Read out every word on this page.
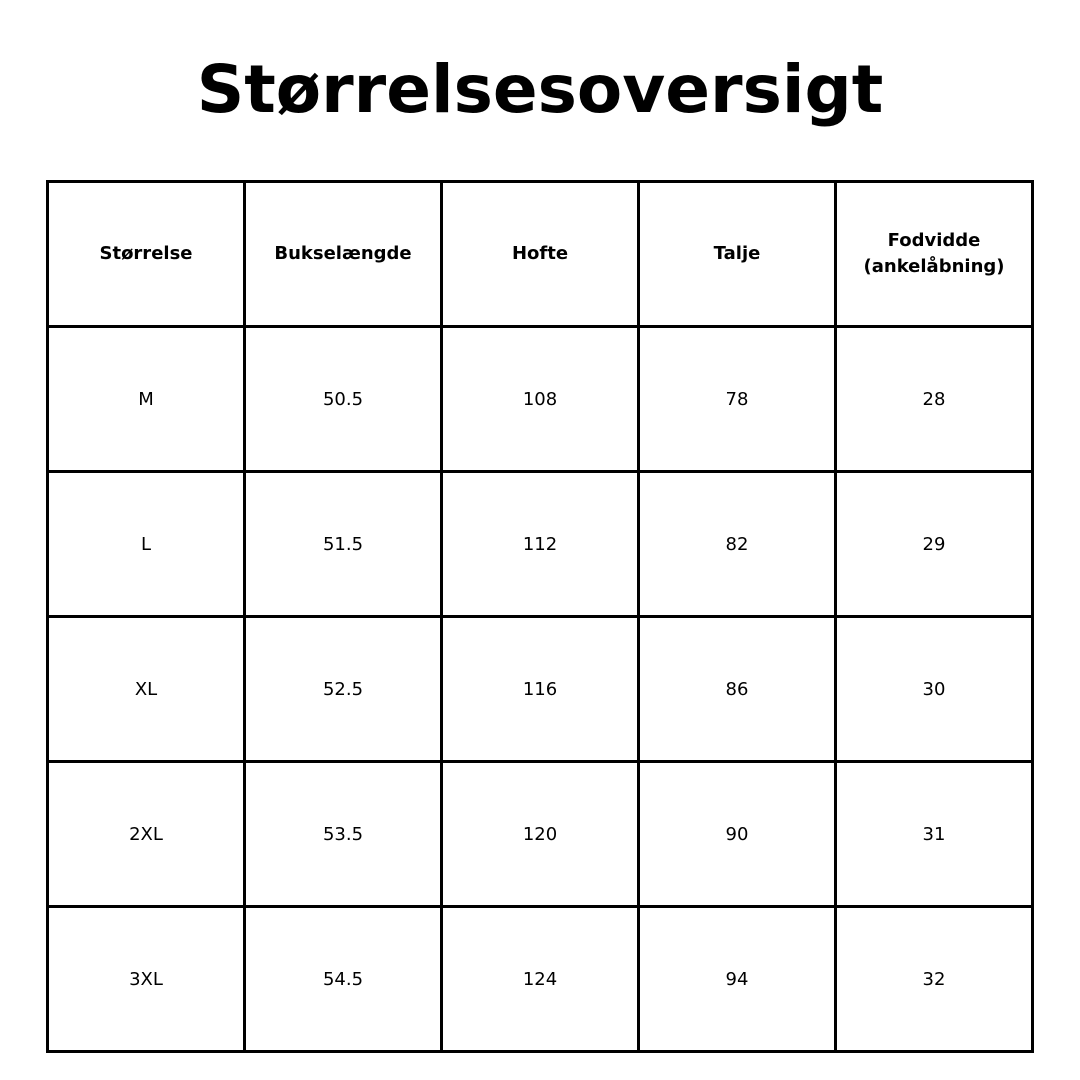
Størrelsesoversigt
Størrelse	Bukselængde	Hofte	Talje	Fodvidde
(ankelåbning)

M	50.5	108	78	28
L	51.5	112	82	29
XL	52.5	116	86	30
2XL	53.5	120	90	31
3XL	54.5	124	94	32
